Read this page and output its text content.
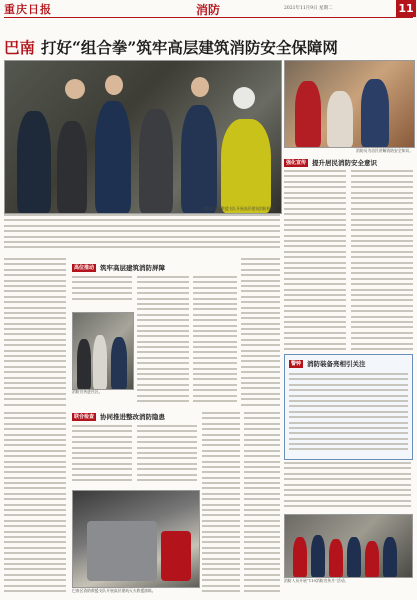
重庆日报	消防	2021年11月9日 星期二	11
巴南 打好“组合拳”筑牢高层建筑消防安全保障网
巴南区消防救援支队开展高层建筑消防检查。
消防员为居民讲解消防安全知识。
强化宣传 提升居民消防安全意识
高位推动 筑牢高层建筑消防屏障
消防宣传进社区。
联合检查 协同推进整改消防隐患
巴南区消防救援支队开展高层建筑灭火救援演练。
警钟 消防装备亮相引关注
消防人员开展“119消防宣传月”活动。
